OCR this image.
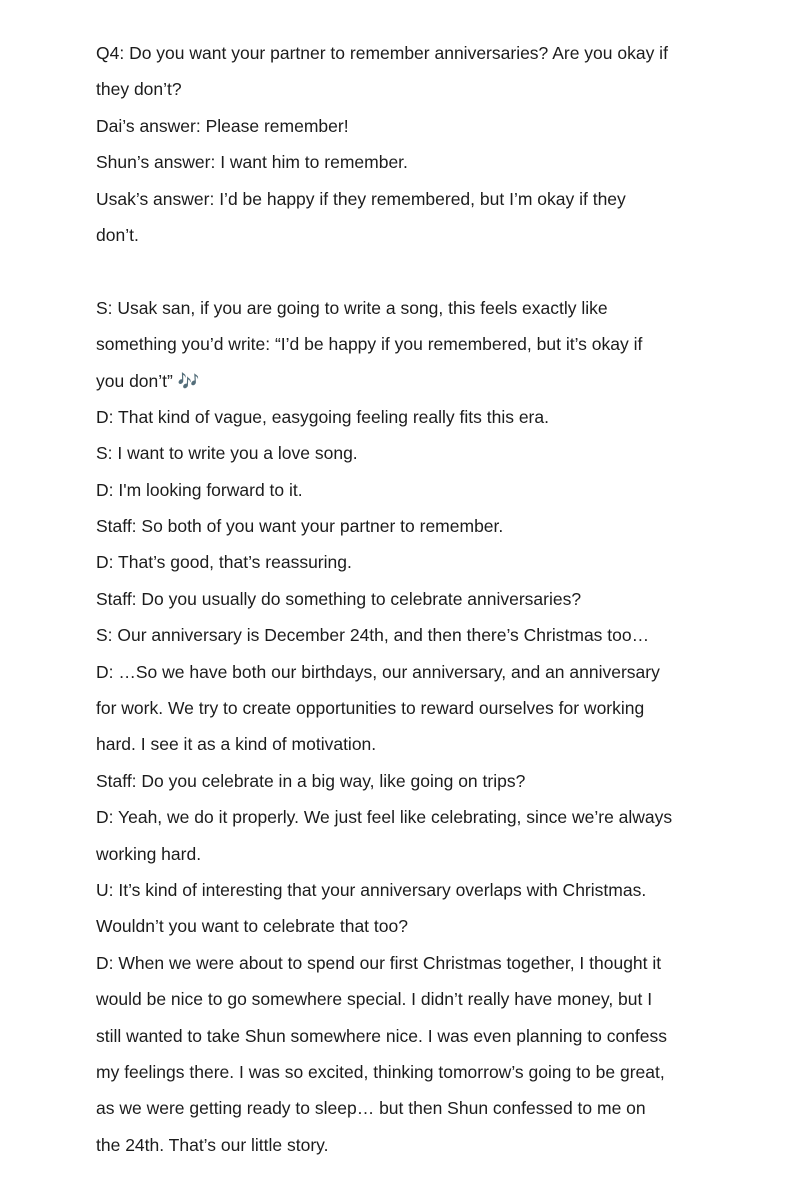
Q4: Do you want your partner to remember anniversaries? Are you okay if
they don’t?
Dai’s answer: Please remember!
Shun’s answer: I want him to remember.
Usak’s answer: I’d be happy if they remembered, but I’m okay if they
don’t.
S: Usak san, if you are going to write a song, this feels exactly like
something you’d write: “I’d be happy if you remembered, but it’s okay if
you don’t” 🎶
D: That kind of vague, easygoing feeling really fits this era.
S: I want to write you a love song.
D: I'm looking forward to it.
Staff: So both of you want your partner to remember.
D: That’s good, that’s reassuring.
Staff: Do you usually do something to celebrate anniversaries?
S: Our anniversary is December 24th, and then there’s Christmas too…
D: …So we have both our birthdays, our anniversary, and an anniversary
for work. We try to create opportunities to reward ourselves for working
hard. I see it as a kind of motivation.
Staff: Do you celebrate in a big way, like going on trips?
D: Yeah, we do it properly. We just feel like celebrating, since we’re always
working hard.
U: It’s kind of interesting that your anniversary overlaps with Christmas.
Wouldn’t you want to celebrate that too?
D: When we were about to spend our first Christmas together, I thought it
would be nice to go somewhere special. I didn’t really have money, but I
still wanted to take Shun somewhere nice. I was even planning to confess
my feelings there. I was so excited, thinking tomorrow’s going to be great,
as we were getting ready to sleep… but then Shun confessed to me on
the 24th. That’s our little story.
